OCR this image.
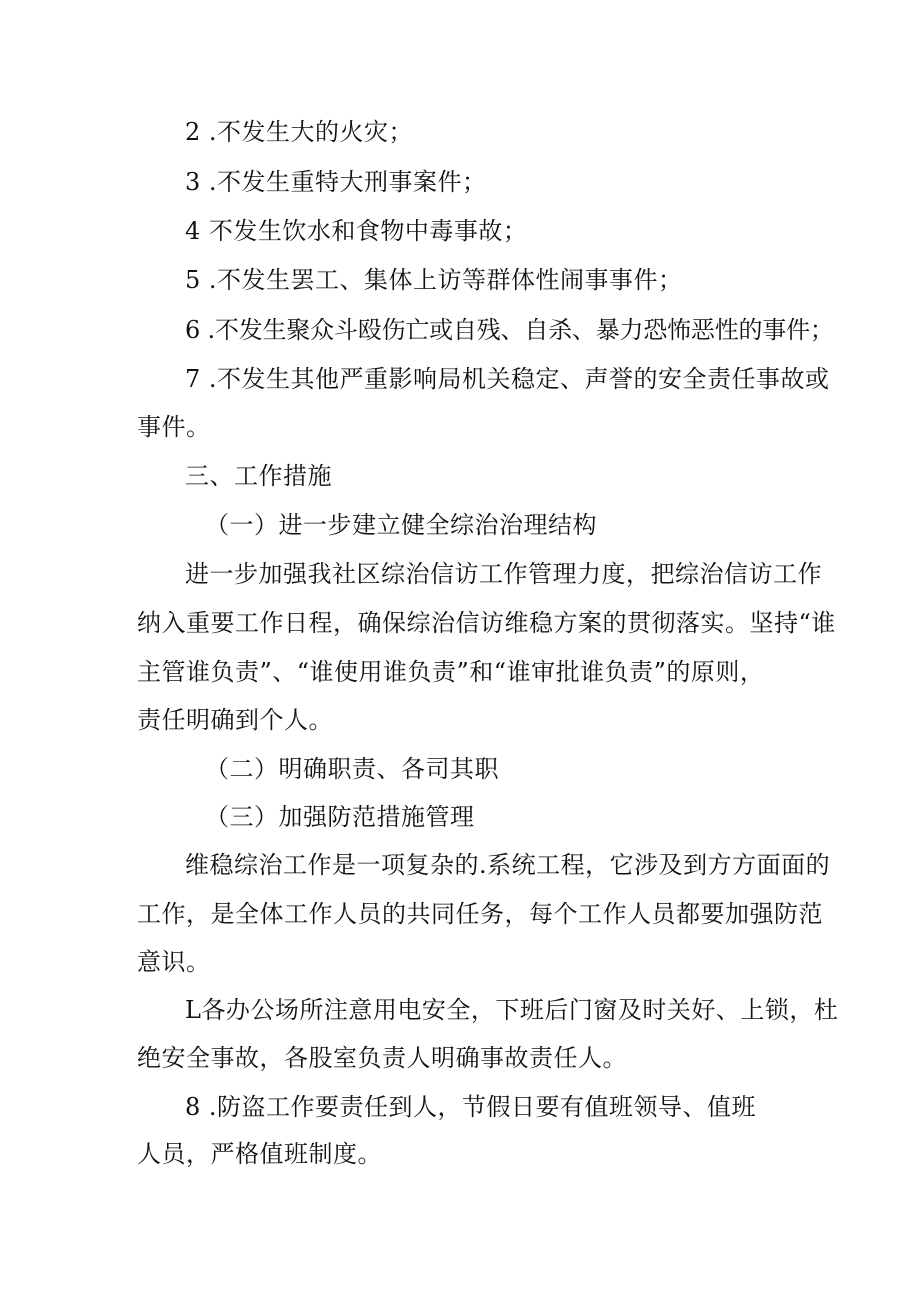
2 .不发生大的火灾；
3 .不发生重特大刑事案件；
4 不发生饮水和食物中毒事故；
5 .不发生罢工、集体上访等群体性闹事事件；
6 .不发生聚众斗殴伤亡或自残、自杀、暴力恐怖恶性的事件；
7 .不发生其他严重影响局机关稳定、声誉的安全责任事故或
事件。
三、工作措施
（一）进一步建立健全综治治理结构
进一步加强我社区综治信访工作管理力度，把综治信访工作
纳入重要工作日程，确保综治信访维稳方案的贯彻落实。坚持“谁
主管谁负责”、“谁使用谁负责”和“谁审批谁负责”的原则，
责任明确到个人。
（二）明确职责、各司其职
（三）加强防范措施管理
维稳综治工作是一项复杂的.系统工程，它涉及到方方面面的
工作，是全体工作人员的共同任务，每个工作人员都要加强防范
意识。
L各办公场所注意用电安全，下班后门窗及时关好、上锁，杜
绝安全事故，各股室负责人明确事故责任人。
8 .防盗工作要责任到人，节假日要有值班领导、值班
人员，严格值班制度。
